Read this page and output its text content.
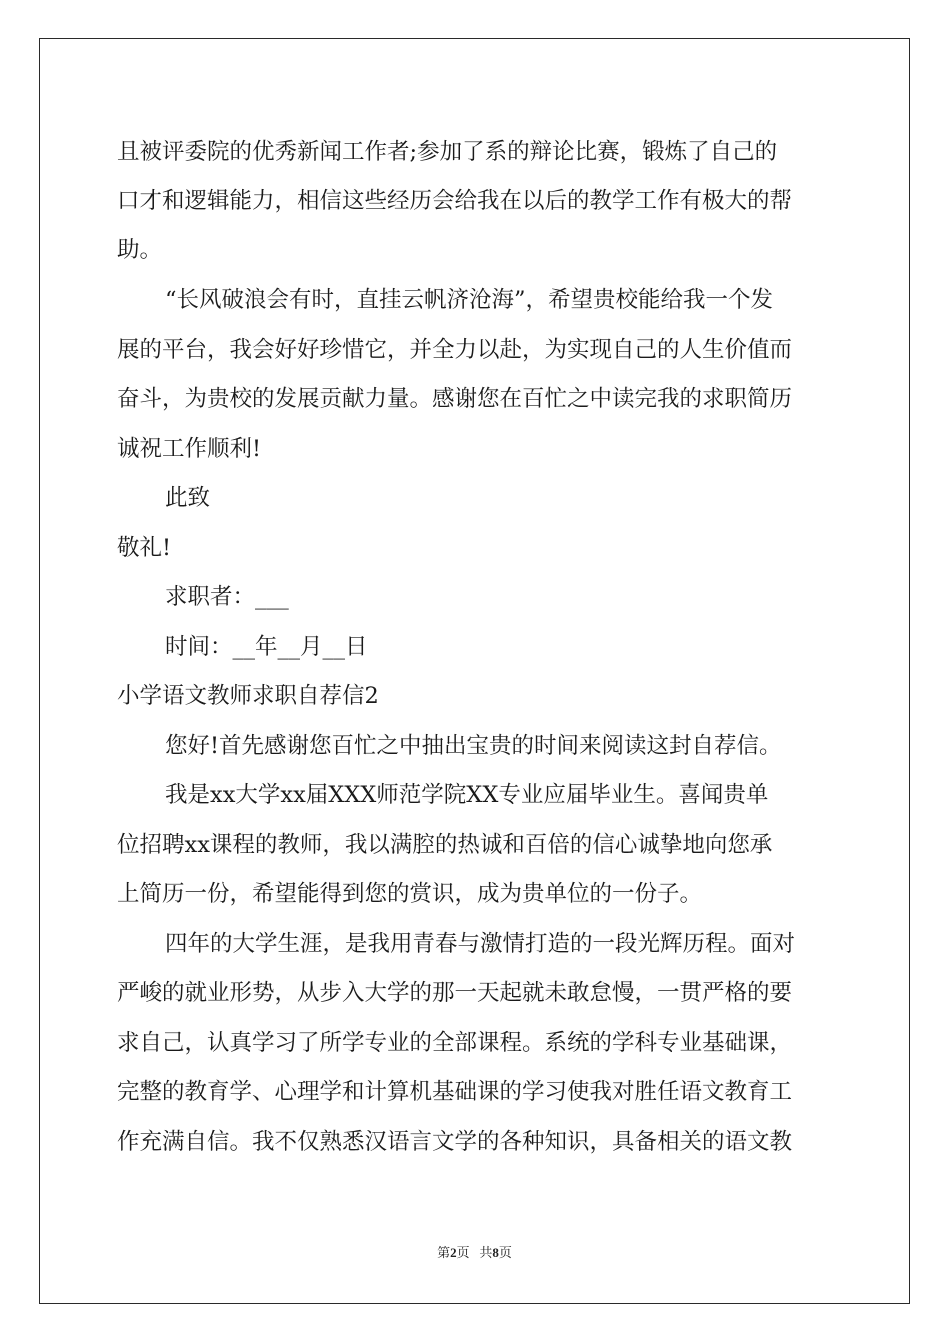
且被评委院的优秀新闻工作者;参加了系的辩论比赛，锻炼了自己的
口才和逻辑能力，相信这些经历会给我在以后的教学工作有极大的帮
助。
“长风破浪会有时，直挂云帆济沧海”，希望贵校能给我一个发
展的平台，我会好好珍惜它，并全力以赴，为实现自己的人生价值而
奋斗，为贵校的发展贡献力量。感谢您在百忙之中读完我的求职简历
诚祝工作顺利!
此致
敬礼!
求职者：___
时间：__年__月__日
小学语文教师求职自荐信2
您好!首先感谢您百忙之中抽出宝贵的时间来阅读这封自荐信。
我是xx大学xx届XXX师范学院XX专业应届毕业生。喜闻贵单
位招聘xx课程的教师，我以满腔的热诚和百倍的信心诚挚地向您承
上简历一份，希望能得到您的赏识，成为贵单位的一份子。
四年的大学生涯，是我用青春与激情打造的一段光辉历程。面对
严峻的就业形势，从步入大学的那一天起就未敢怠慢，一贯严格的要
求自己，认真学习了所学专业的全部课程。系统的学科专业基础课，
完整的教育学、心理学和计算机基础课的学习使我对胜任语文教育工
作充满自信。我不仅熟悉汉语言文学的各种知识，具备相关的语文教
第2页 共8页
